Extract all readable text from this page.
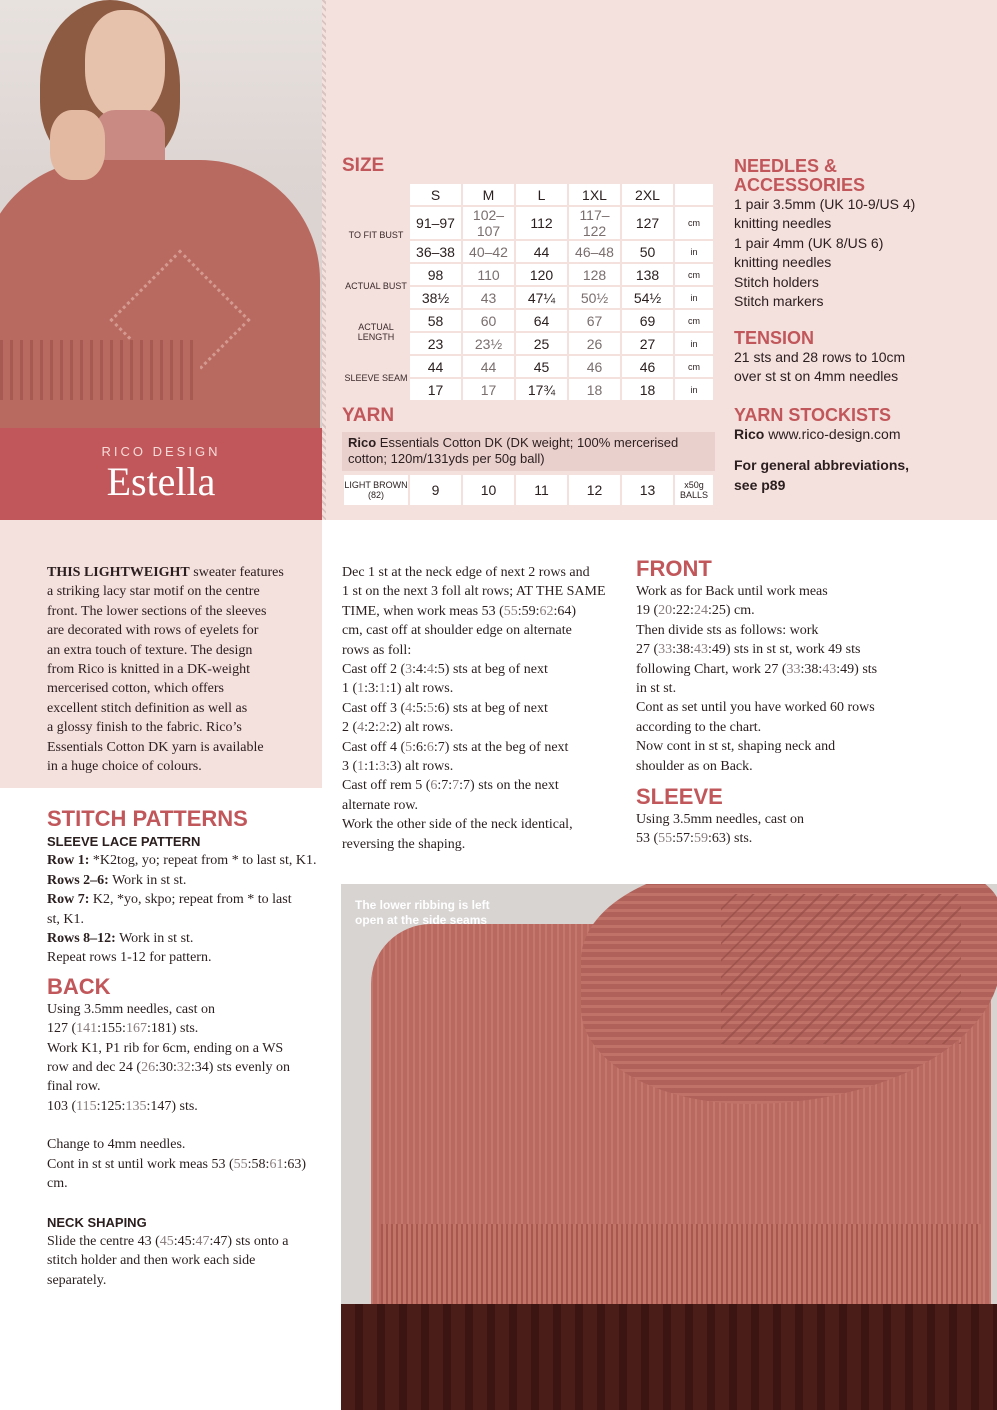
RICO DESIGN
Estella
SIZE
	S	M	L	1XL	2XL	
TO FIT BUST	91–97	102–107	112	117–122	127	cm
	36–38	40–42	44	46–48	50	in
ACTUAL BUST	98	110	120	128	138	cm
	38½	43	47¼	50½	54½	in
ACTUAL LENGTH	58	60	64	67	69	cm
	23	23½	25	26	27	in
SLEEVE SEAM	44	44	45	46	46	cm
	17	17	17¾	18	18	in
YARN
Rico Essentials Cotton DK (DK weight; 100% mercerised cotton; 120m/131yds per 50g ball)
LIGHT BROWN (82)	9	10	11	12	13	x50g BALLS
NEEDLES &
ACCESSORIES
1 pair 3.5mm (UK 10-9/US 4)
knitting needles
1 pair 4mm (UK 8/US 6)
knitting needles
Stitch holders
Stitch markers
TENSION
21 sts and 28 rows to 10cm
over st st on 4mm needles
YARN STOCKISTS
Rico www.rico-design.com
For general abbreviations,
see p89
THIS LIGHTWEIGHT sweater features
a striking lacy star motif on the centre
front. The lower sections of the sleeves
are decorated with rows of eyelets for
an extra touch of texture. The design
from Rico is knitted in a DK-weight
mercerised cotton, which offers
excellent stitch definition as well as
a glossy finish to the fabric. Rico’s
Essentials Cotton DK yarn is available
in a huge choice of colours.
STITCH PATTERNS
SLEEVE LACE PATTERN

Row 1: *K2tog, yo; repeat from * to last st, K1.

Rows 2–6: Work in st st.

Row 7: K2, *yo, skpo; repeat from * to last
st, K1.

Rows 8–12: Work in st st.

Repeat rows 1-12 for pattern.

BACK

Using 3.5mm needles, cast on

127 (141:155:167:181) sts.

Work K1, P1 rib for 6cm, ending on a WS

row and dec 24 (26:30:32:34) sts evenly on

final row.

103 (115:125:135:147) sts.

Change to 4mm needles.

Cont in st st until work meas 53 (55:58:61:63)

cm.

NECK SHAPING

Slide the centre 43 (45:45:47:47) sts onto a

stitch holder and then work each side

separately.

Dec 1 st at the neck edge of next 2 rows and

1 st on the next 3 foll alt rows; AT THE SAME

TIME, when work meas 53 (55:59:62:64)

cm, cast off at shoulder edge on alternate

rows as foll:

Cast off 2 (3:4:4:5) sts at beg of next

1 (1:3:1:1) alt rows.

Cast off 3 (4:5:5:6) sts at beg of next

2 (4:2:2:2) alt rows.

Cast off 4 (5:6:6:7) sts at the beg of next

3 (1:1:3:3) alt rows.

Cast off rem 5 (6:7:7:7) sts on the next

alternate row.

Work the other side of the neck identical,

reversing the shaping.

FRONT

Work as for Back until work meas

19 (20:22:24:25) cm.

Then divide sts as follows: work

27 (33:38:43:49) sts in st st, work 49 sts

following Chart, work 27 (33:38:43:49) sts

in st st.

Cont as set until you have worked 60 rows

according to the chart.

Now cont in st st, shaping neck and

shoulder as on Back.

SLEEVE

Using 3.5mm needles, cast on

53 (55:57:59:63) sts.

The lower ribbing is left
open at the side seams
